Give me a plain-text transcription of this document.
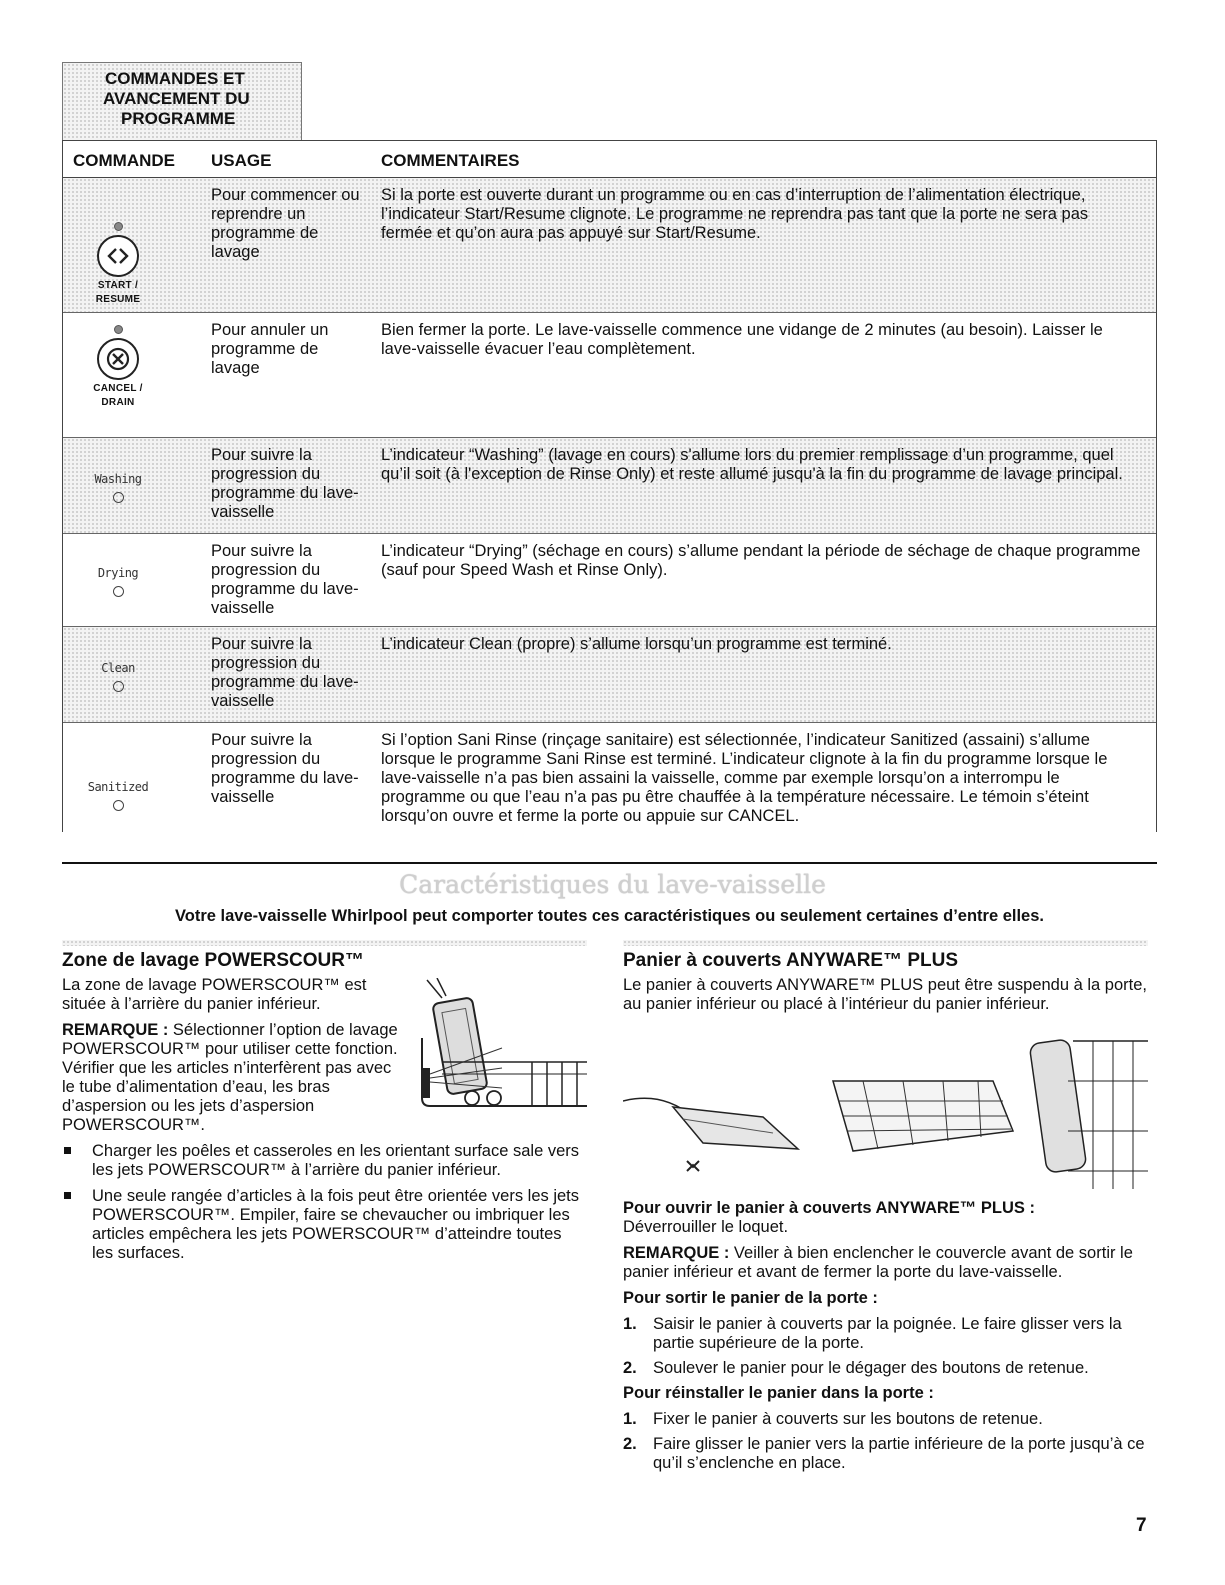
COMMANDES ET
AVANCEMENT DU
PROGRAMME
COMMANDE USAGE	COMMENTAIRES
START /
RESUME
Pour commencer ou reprendre un programme de lavage
Si la porte est ouverte durant un programme ou en cas d’interruption de l’alimentation électrique, l’indicateur Start/Resume clignote. Le programme ne reprendra pas tant que la porte ne sera pas fermée et qu’on aura pas appuyé sur Start/Resume.
CANCEL /
DRAIN
Pour annuler un programme de lavage
Bien fermer la porte. Le lave-vaisselle commence une vidange de 2 minutes (au besoin). Laisser le lave-vaisselle évacuer l’eau complètement.
Washing
Pour suivre la progression du programme du lave-vaisselle
L’indicateur “Washing” (lavage en cours) s'allume lors du premier remplissage d’un programme, quel qu’il soit (à l'exception de Rinse Only) et reste allumé jusqu'à la fin du programme de lavage principal.
Drying
Pour suivre la progression du programme du lave-vaisselle
L’indicateur “Drying” (séchage en cours) s’allume pendant la période de séchage de chaque programme (sauf pour Speed Wash et Rinse Only).
Clean
Pour suivre la progression du programme du lave-vaisselle
L’indicateur Clean (propre) s’allume lorsqu’un programme est terminé.
Sanitized
Pour suivre la progression du programme du lave-vaisselle
Si l’option Sani Rinse (rinçage sanitaire) est sélectionnée, l’indicateur Sanitized (assaini) s’allume lorsque le programme Sani Rinse est terminé. L’indicateur clignote à la fin du programme lorsque le lave-vaisselle n’a pas bien assaini la vaisselle, comme par exemple lorsqu’on a interrompu le programme ou que l’eau n’a pas pu être chauffée à la température nécessaire. Le témoin s’éteint lorsqu’on ouvre et ferme la porte ou appuie sur CANCEL.
Caractéristiques du lave-vaisselle
Votre lave-vaisselle Whirlpool peut comporter toutes ces caractéristiques ou seulement certaines d’entre elles.
Zone de lavage POWERSCOUR™

La zone de lavage POWERSCOUR™ est située à l’arrière du panier inférieur.

REMARQUE : Sélectionner l’option de lavage POWERSCOUR™ pour utiliser cette fonction. Vérifier que les articles n’interfèrent pas avec le tube d’alimentation d’eau, les bras d’aspersion ou les jets d’aspersion POWERSCOUR™.

Charger les poêles et casseroles en les orientant surface sale vers les jets POWERSCOUR™ à l’arrière du panier inférieur.
Une seule rangée d’articles à la fois peut être orientée vers les jets POWERSCOUR™. Empiler, faire se chevaucher ou imbriquer les articles empêchera les jets POWERSCOUR™ d’atteindre toutes les surfaces.
Panier à couverts ANYWARE™ PLUS

Le panier à couverts ANYWARE™ PLUS peut être suspendu à la porte, au panier inférieur ou placé à l’intérieur du panier inférieur.

Pour ouvrir le panier à couverts ANYWARE™ PLUS :

Déverrouiller le loquet.

REMARQUE : Veiller à bien enclencher le couvercle avant de sortir le panier inférieur et avant de fermer la porte du lave-vaisselle.

Pour sortir le panier de la porte :

1. Saisir le panier à couverts par la poignée. Le faire glisser vers la partie supérieure de la porte.
2. Soulever le panier pour le dégager des boutons de retenue.

Pour réinstaller le panier dans la porte :

1. Fixer le panier à couverts sur les boutons de retenue.
2. Faire glisser le panier vers la partie inférieure de la porte jusqu’à ce qu’il s’enclenche en place.
7
